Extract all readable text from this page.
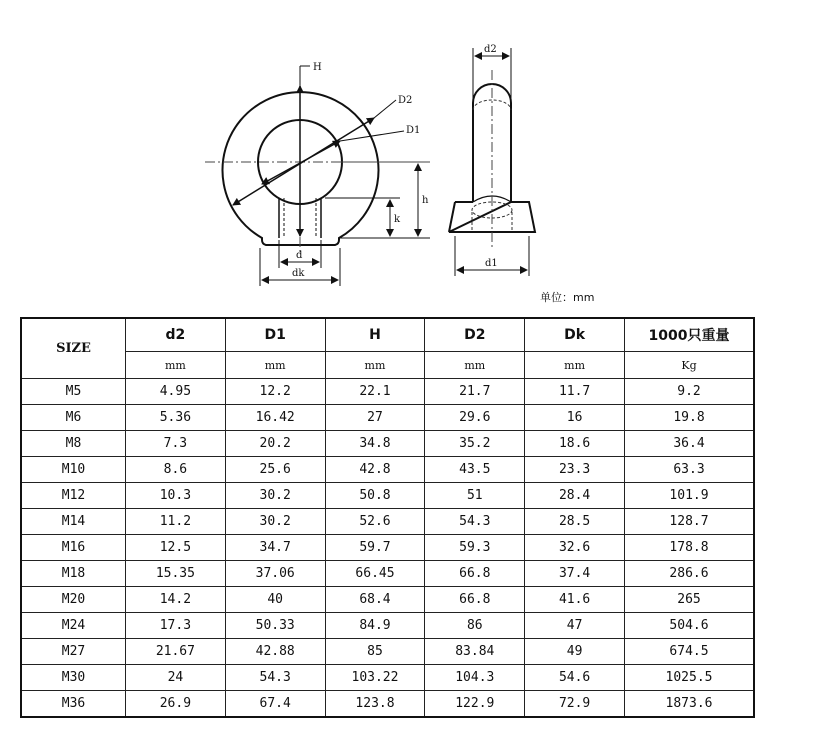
H
D2
D1
k
h
d
dk
d2
d1
单位：mm
SIZE	d2	D1	H	D2	Dk	1000只重量
	mm	mm	mm	mm	mm	Kg
M5	4.95	12.2	22.1	21.7	11.7	9.2
M6	5.36	16.42	27	29.6	16	19.8
M8	7.3	20.2	34.8	35.2	18.6	36.4
M10	8.6	25.6	42.8	43.5	23.3	63.3
M12	10.3	30.2	50.8	51	28.4	101.9
M14	11.2	30.2	52.6	54.3	28.5	128.7
M16	12.5	34.7	59.7	59.3	32.6	178.8
M18	15.35	37.06	66.45	66.8	37.4	286.6
M20	14.2	40	68.4	66.8	41.6	265
M24	17.3	50.33	84.9	86	47	504.6
M27	21.67	42.88	85	83.84	49	674.5
M30	24	54.3	103.22	104.3	54.6	1025.5
M36	26.9	67.4	123.8	122.9	72.9	1873.6
